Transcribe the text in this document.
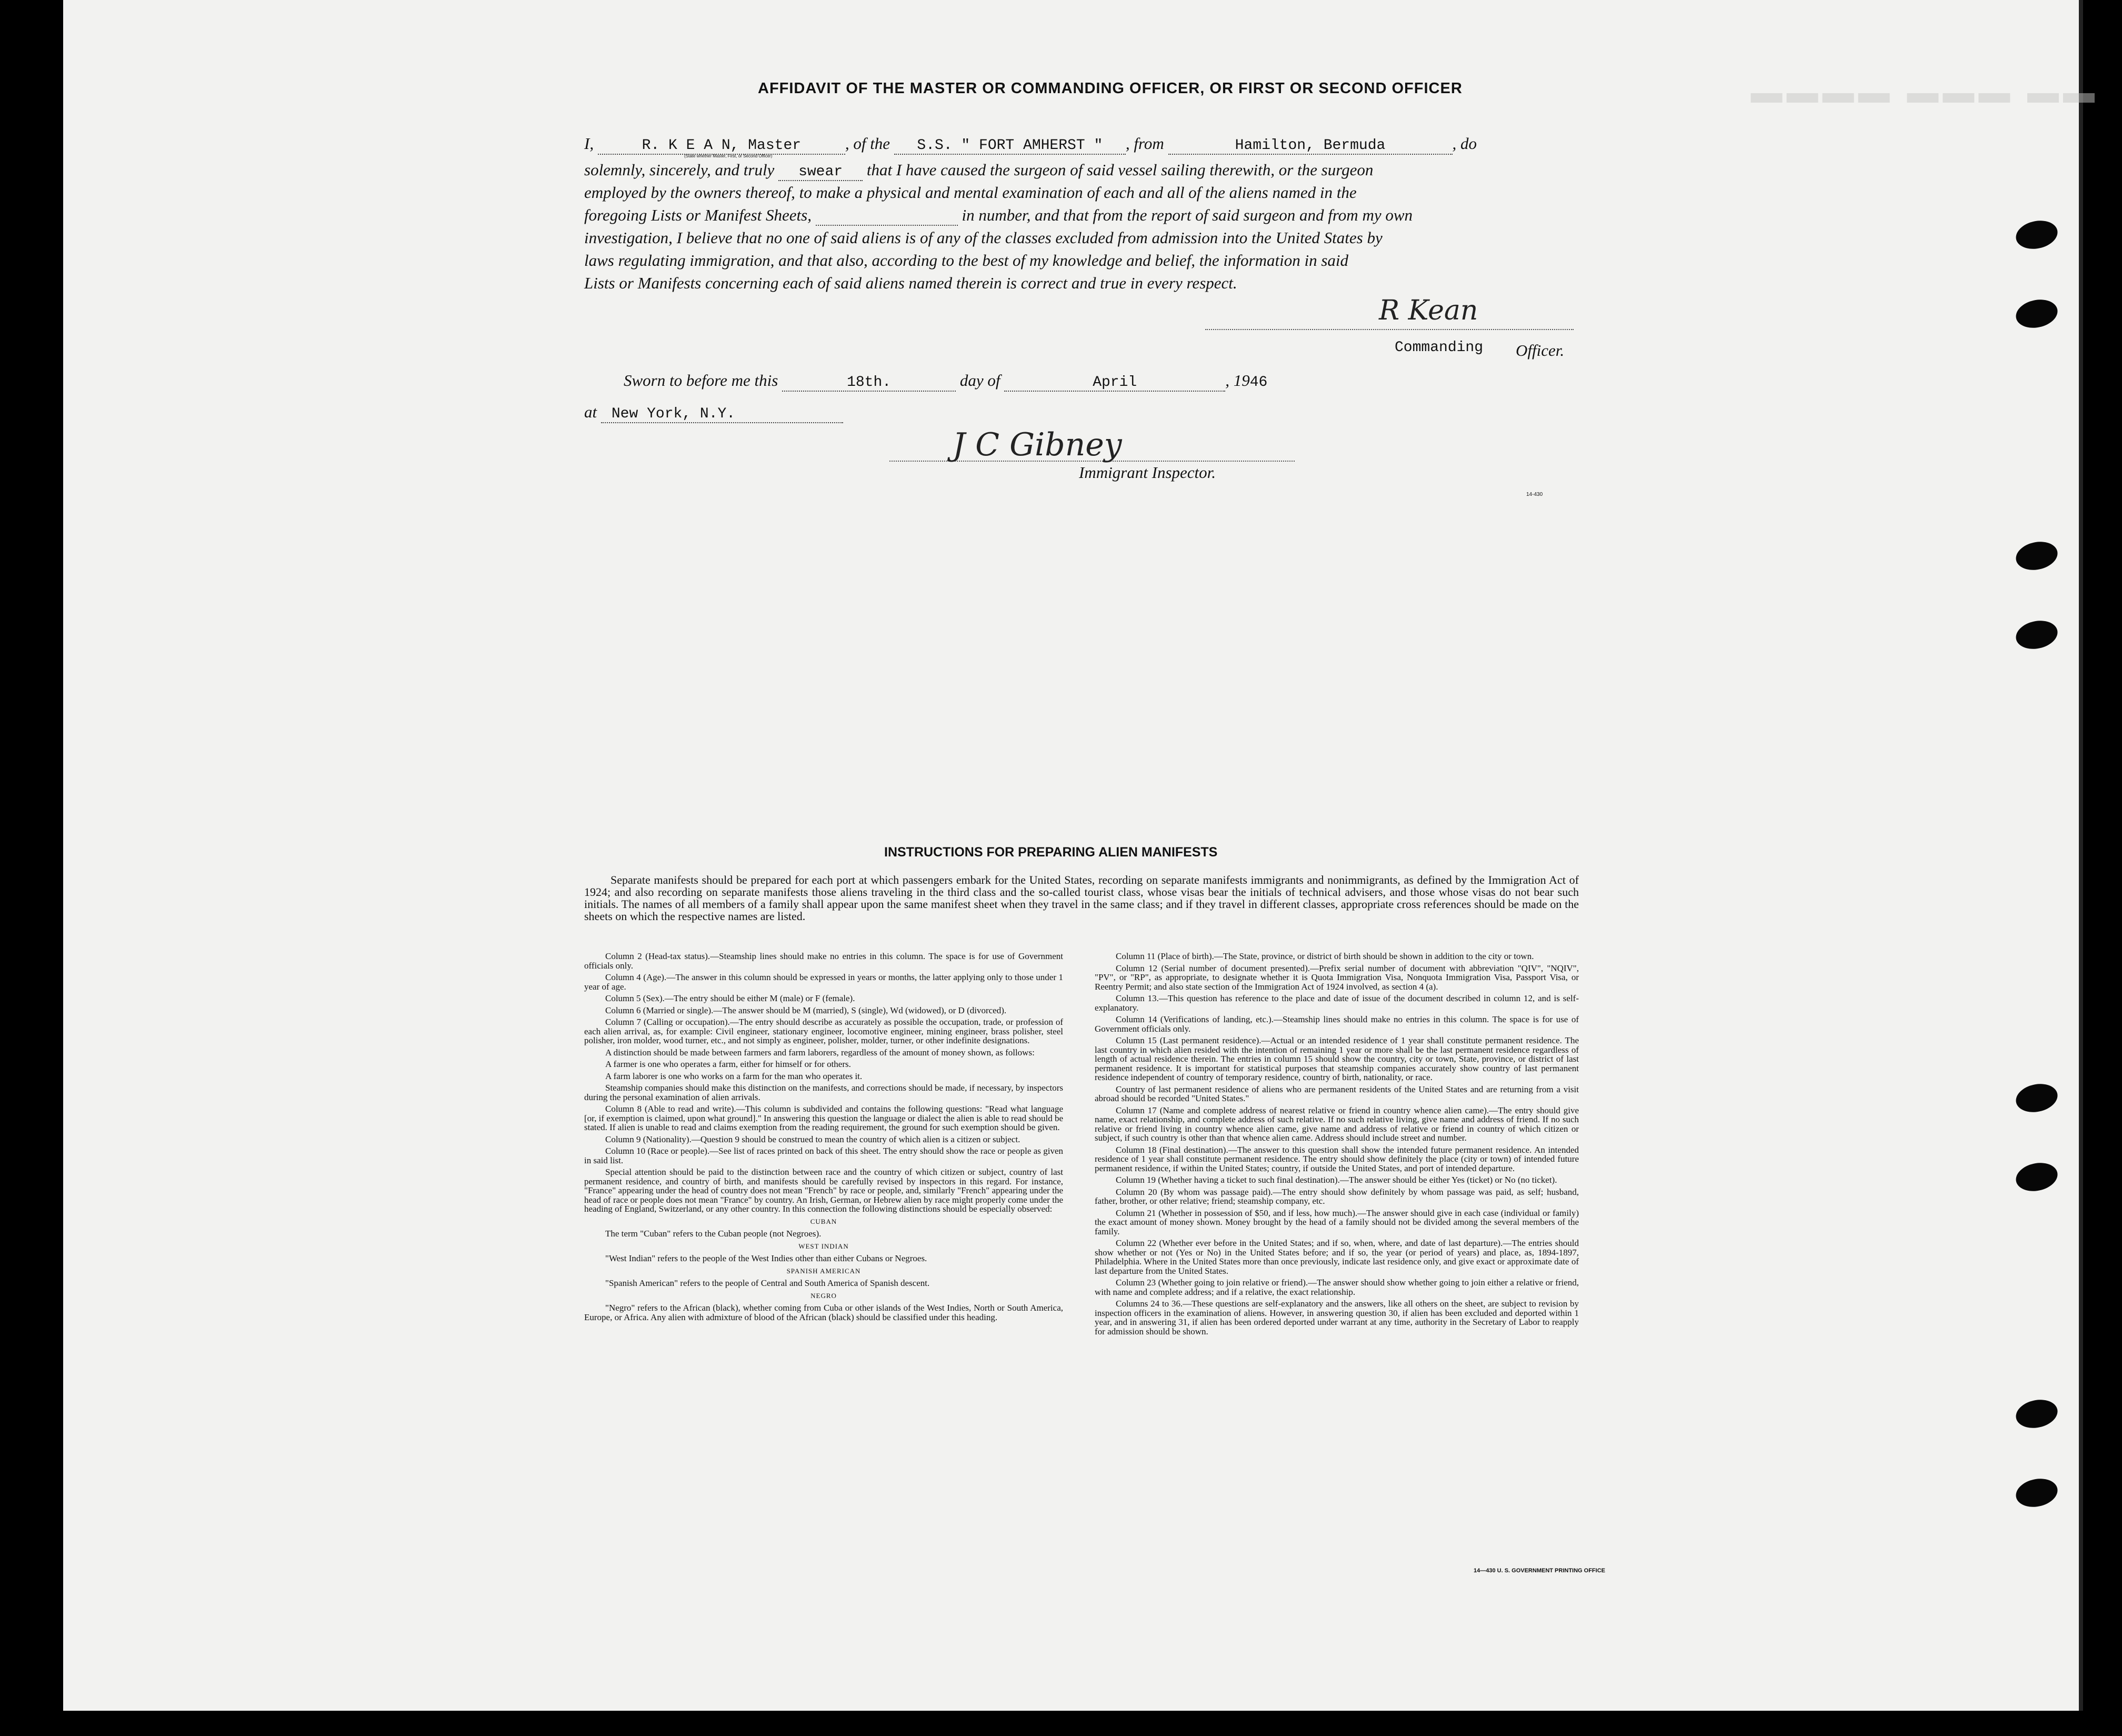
▬▬ ▬▬▬ ▬▬▬▬
AFFIDAVIT OF THE MASTER OR COMMANDING OFFICER, OR FIRST OR SECOND OFFICER
I,	R. K E A N, Master	, of the S.S. " FORT AMHERST " , from	Hamilton, Bermuda	, do
(State whether Master, First, or Second Officer)
solemnly, sincerely, and truly swear that I have caused the surgeon of said vessel sailing therewith, or the surgeon
employed by the owners thereof, to make a physical and mental examination of each and all of the aliens named in the
foregoing Lists or Manifest Sheets,	in number, and that from the report of said surgeon and from my own
investigation, I believe that no one of said aliens is of any of the classes excluded from admission into the United States by
laws regulating immigration, and that also, according to the best of my knowledge and belief, the information in said
Lists or Manifests concerning each of said aliens named therein is correct and true in every respect.
R Kean
Commanding Officer.
Sworn to before me this	18th.	day of	April	, 1946
at New York, N.Y.
J C Gibney
Immigrant Inspector.
14-430
INSTRUCTIONS FOR PREPARING ALIEN MANIFESTS
Separate manifests should be prepared for each port at which passengers embark for the United States, recording on separate manifests immigrants and nonimmigrants, as defined by the Immigration Act of 1924; and also recording on separate manifests those aliens traveling in the third class and the so-called tourist class, whose visas bear the initials of technical advisers, and those whose visas do not bear such initials. The names of all members of a family shall appear upon the same manifest sheet when they travel in the same class; and if they travel in different classes, appropriate cross references should be made on the sheets on which the respective names are listed.

Column 2 (Head-tax status).—Steamship lines should make no entries in this column. The space is for use of Government officials only.

Column 4 (Age).—The answer in this column should be expressed in years or months, the latter applying only to those under 1 year of age.

Column 5 (Sex).—The entry should be either M (male) or F (female).

Column 6 (Married or single).—The answer should be M (married), S (single), Wd (widowed), or D (divorced).

Column 7 (Calling or occupation).—The entry should describe as accurately as possible the occupation, trade, or profession of each alien arrival, as, for example: Civil engineer, stationary engineer, locomotive engineer, mining engineer, brass polisher, steel polisher, iron molder, wood turner, etc., and not simply as engineer, polisher, molder, turner, or other indefinite designations.

A distinction should be made between farmers and farm laborers, regardless of the amount of money shown, as follows:

A farmer is one who operates a farm, either for himself or for others.

A farm laborer is one who works on a farm for the man who operates it.

Steamship companies should make this distinction on the manifests, and corrections should be made, if necessary, by inspectors during the personal examination of alien arrivals.

Column 8 (Able to read and write).—This column is subdivided and contains the following questions: "Read what language [or, if exemption is claimed, upon what ground]." In answering this question the language or dialect the alien is able to read should be stated. If alien is unable to read and claims exemption from the reading requirement, the ground for such exemption should be given.

Column 9 (Nationality).—Question 9 should be construed to mean the country of which alien is a citizen or subject.

Column 10 (Race or people).—See list of races printed on back of this sheet. The entry should show the race or people as given in said list.

Special attention should be paid to the distinction between race and the country of which citizen or subject, country of last permanent residence, and country of birth, and manifests should be carefully revised by inspectors in this regard. For instance, "France" appearing under the head of country does not mean "French" by race or people, and, similarly "French" appearing under the head of race or people does not mean "France" by country. An Irish, German, or Hebrew alien by race might properly come under the heading of England, Switzerland, or any other country. In this connection the following distinctions should be especially observed:

CUBAN

The term "Cuban" refers to the Cuban people (not Negroes).

WEST INDIAN

"West Indian" refers to the people of the West Indies other than either Cubans or Negroes.

SPANISH AMERICAN

"Spanish American" refers to the people of Central and South America of Spanish descent.

NEGRO

"Negro" refers to the African (black), whether coming from Cuba or other islands of the West Indies, North or South America, Europe, or Africa. Any alien with admixture of blood of the African (black) should be classified under this heading.

Column 11 (Place of birth).—The State, province, or district of birth should be shown in addition to the city or town.

Column 12 (Serial number of document presented).—Prefix serial number of document with abbreviation "QIV", "NQIV", "PV", or "RP", as appropriate, to designate whether it is Quota Immigration Visa, Nonquota Immigration Visa, Passport Visa, or Reentry Permit; and also state section of the Immigration Act of 1924 involved, as section 4 (a).

Column 13.—This question has reference to the place and date of issue of the document described in column 12, and is self-explanatory.

Column 14 (Verifications of landing, etc.).—Steamship lines should make no entries in this column. The space is for use of Government officials only.

Column 15 (Last permanent residence).—Actual or an intended residence of 1 year shall constitute permanent residence. The last country in which alien resided with the intention of remaining 1 year or more shall be the last permanent residence regardless of length of actual residence therein. The entries in column 15 should show the country, city or town, State, province, or district of last permanent residence. It is important for statistical purposes that steamship companies accurately show country of last permanent residence independent of country of temporary residence, country of birth, nationality, or race.

Country of last permanent residence of aliens who are permanent residents of the United States and are returning from a visit abroad should be recorded "United States."

Column 17 (Name and complete address of nearest relative or friend in country whence alien came).—The entry should give name, exact relationship, and complete address of such relative. If no such relative living, give name and address of friend. If no such relative or friend living in country whence alien came, give name and address of relative or friend in country of which citizen or subject, if such country is other than that whence alien came. Address should include street and number.

Column 18 (Final destination).—The answer to this question shall show the intended future permanent residence. An intended residence of 1 year shall constitute permanent residence. The entry should show definitely the place (city or town) of intended future permanent residence, if within the United States; country, if outside the United States, and port of intended departure.

Column 19 (Whether having a ticket to such final destination).—The answer should be either Yes (ticket) or No (no ticket).

Column 20 (By whom was passage paid).—The entry should show definitely by whom passage was paid, as self; husband, father, brother, or other relative; friend; steamship company, etc.

Column 21 (Whether in possession of $50, and if less, how much).—The answer should give in each case (individual or family) the exact amount of money shown. Money brought by the head of a family should not be divided among the several members of the family.

Column 22 (Whether ever before in the United States; and if so, when, where, and date of last departure).—The entries should show whether or not (Yes or No) in the United States before; and if so, the year (or period of years) and place, as, 1894-1897, Philadelphia. Where in the United States more than once previously, indicate last residence only, and give exact or approximate date of last departure from the United States.

Column 23 (Whether going to join relative or friend).—The answer should show whether going to join either a relative or friend, with name and complete address; and if a relative, the exact relationship.

Columns 24 to 36.—These questions are self-explanatory and the answers, like all others on the sheet, are subject to revision by inspection officers in the examination of aliens. However, in answering question 30, if alien has been excluded and deported within 1 year, and in answering 31, if alien has been ordered deported under warrant at any time, authority in the Secretary of Labor to reapply for admission should be shown.

14—430 U. S. GOVERNMENT PRINTING OFFICE
